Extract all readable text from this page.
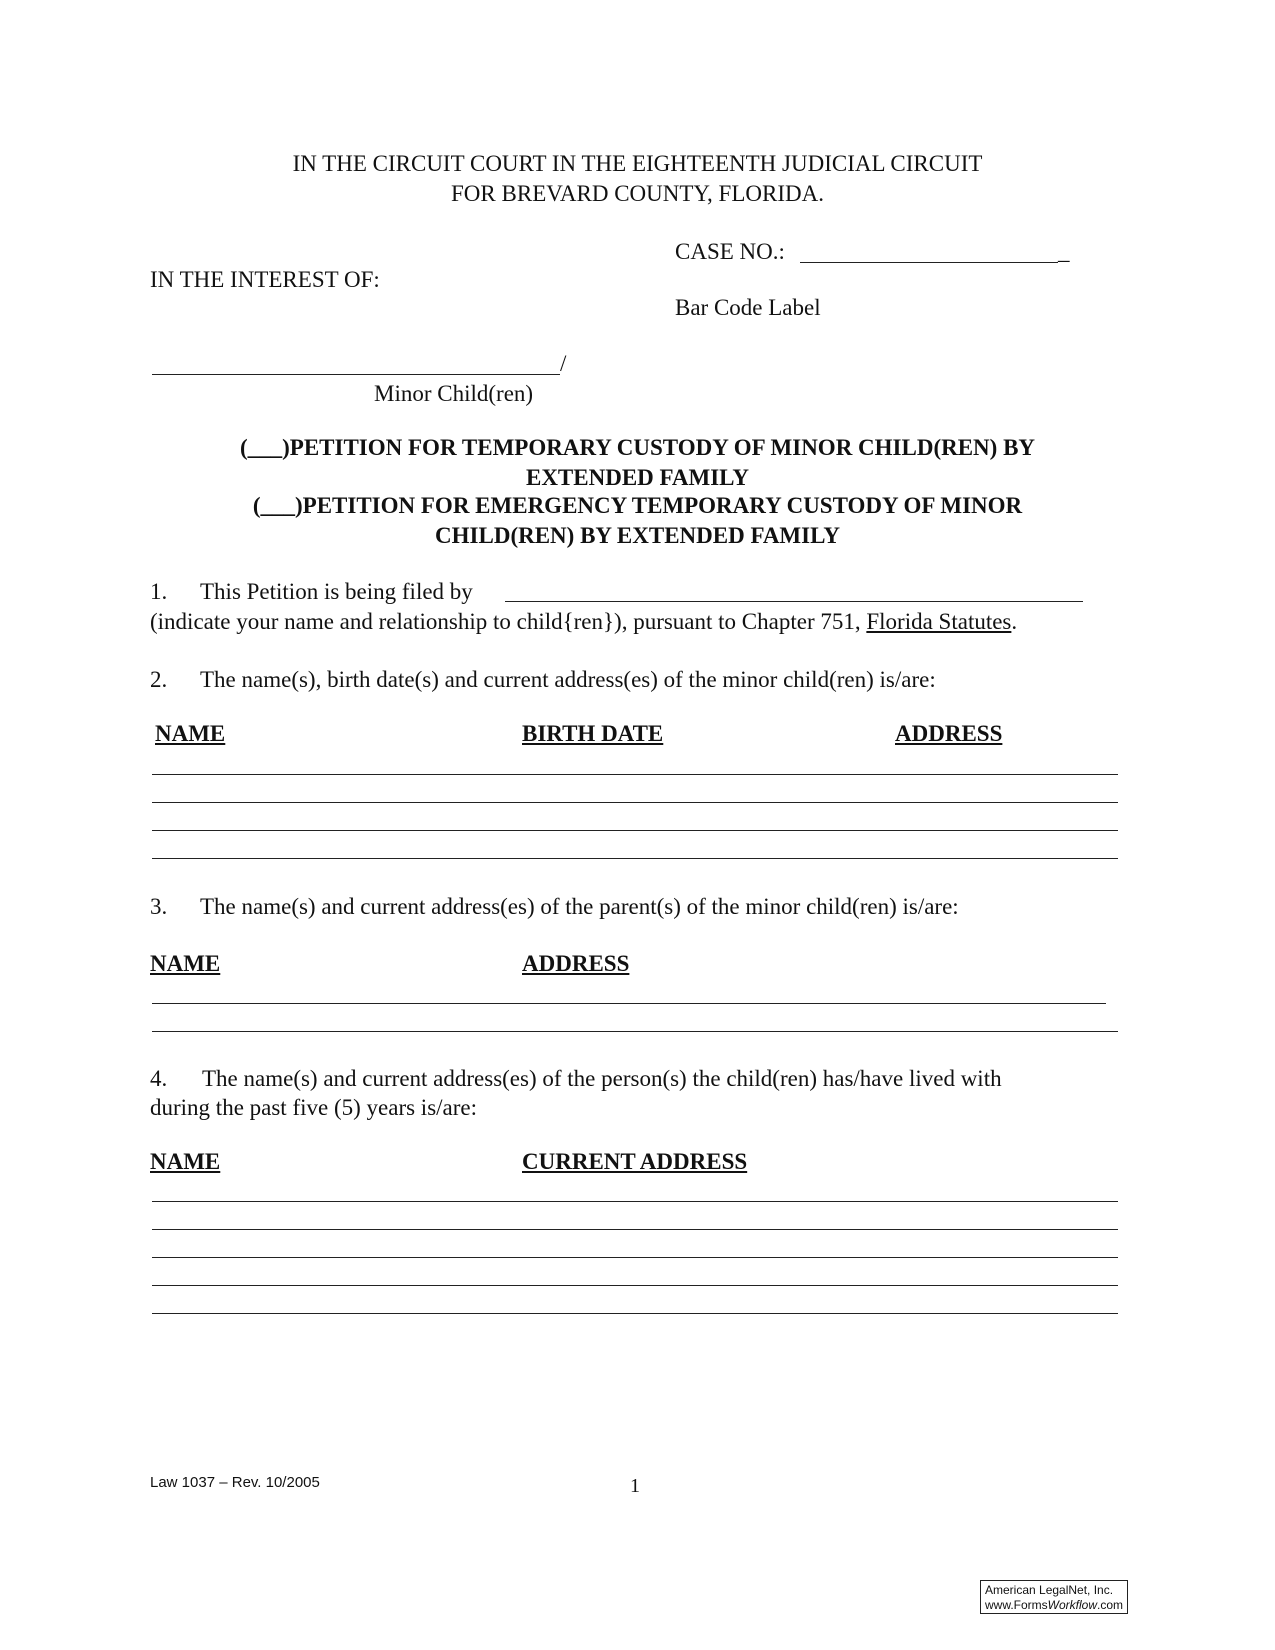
IN THE CIRCUIT COURT IN THE EIGHTEENTH JUDICIAL CIRCUIT
FOR BREVARD COUNTY, FLORIDA.
CASE NO.:	_
IN THE INTEREST OF:
Bar Code Label
/
Minor Child(ren)
(___)PETITION FOR TEMPORARY CUSTODY OF MINOR CHILD(REN) BY
EXTENDED FAMILY
(___)PETITION FOR EMERGENCY TEMPORARY CUSTODY OF MINOR
CHILD(REN) BY EXTENDED FAMILY
1. This Petition is being filed by
(indicate your name and relationship to child{ren}), pursuant to Chapter 751, Florida Statutes.
2. The name(s), birth date(s) and current address(es) of the minor child(ren) is/are:
NAME	BIRTH DATE	ADDRESS
3. The name(s) and current address(es) of the parent(s) of the minor child(ren) is/are:
NAME	ADDRESS
4. The name(s) and current address(es) of the person(s) the child(ren) has/have lived with
during the past five (5) years is/are:
NAME	CURRENT ADDRESS
Law 1037 – Rev. 10/2005	1
American LegalNet, Inc.
www.FormsWorkflow.com
